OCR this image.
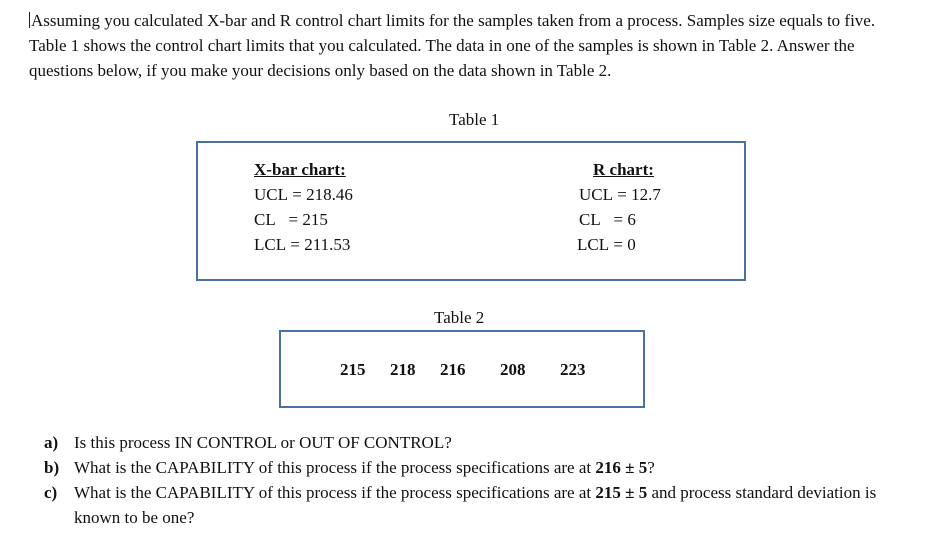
Assuming you calculated X-bar and R control chart limits for the samples taken from a process. Samples size equals to five. Table 1 shows the control chart limits that you calculated. The data in one of the samples is shown in Table 2. Answer the questions below, if you make your decisions only based on the data shown in Table 2.
Table 1
X-bar chart:
UCL = 218.46
CL   = 215
LCL = 211.53
R chart:
UCL = 12.7
CL   = 6
LCL = 0
Table 2
215 218 216 208 223
a) Is this process IN CONTROL or OUT OF CONTROL?
b) What is the CAPABILITY of this process if the process specifications are at 216 ± 5?
c) What is the CAPABILITY of this process if the process specifications are at 215 ± 5 and process standard deviation is known to be one?
